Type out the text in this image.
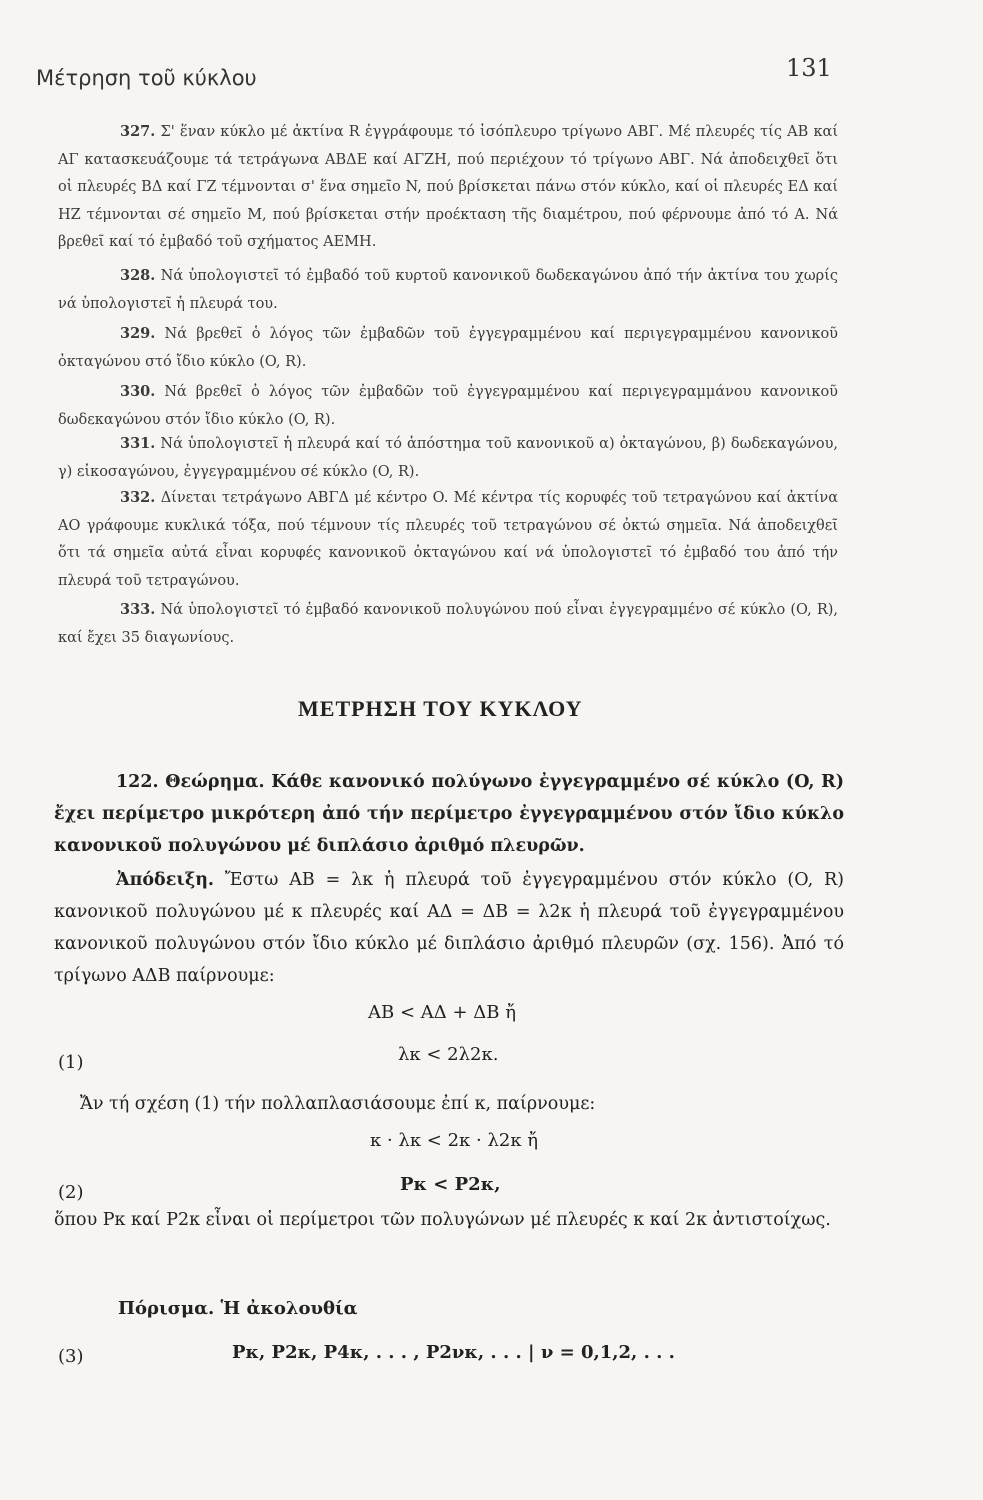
Μέτρηση τοῦ κύκλου	131
327. Σ' ἕναν κύκλο μέ ἀκτίνα R ἐγγράφουμε τό ἰσόπλευρο τρίγωνο ΑΒΓ. Μέ πλευρές τίς ΑΒ καί ΑΓ κατασκευάζουμε τά τετράγωνα ΑΒΔΕ καί ΑΓΖΗ, πού περιέχουν τό τρίγωνο ΑΒΓ. Νά ἀποδειχθεῖ ὅτι οἱ πλευρές ΒΔ καί ΓΖ τέμνονται σ' ἕνα σημεῖο N, πού βρίσκεται πάνω στόν κύκλο, καί οἱ πλευρές ΕΔ καί ΗΖ τέμνονται σέ σημεῖο M, πού βρίσκεται στήν προέκταση τῆς διαμέτρου, πού φέρνουμε ἀπό τό A. Νά βρεθεῖ καί τό ἐμβαδό τοῦ σχήματος ΑΕΜΗ.
328. Νά ὑπολογιστεῖ τό ἐμβαδό τοῦ κυρτοῦ κανονικοῦ δωδεκαγώνου ἀπό τήν ἀκτίνα του χωρίς νά ὑπολογιστεῖ ἡ πλευρά του.
329. Νά βρεθεῖ ὁ λόγος τῶν ἐμβαδῶν τοῦ ἐγγεγραμμένου καί περιγεγραμμένου κανονικοῦ ὀκταγώνου στό ἴδιο κύκλο (O, R).
330. Νά βρεθεῖ ὁ λόγος τῶν ἐμβαδῶν τοῦ ἐγγεγραμμένου καί περιγεγραμμάνου κανονικοῦ δωδεκαγώνου στόν ἴδιο κύκλο (O, R).
331. Νά ὑπολογιστεῖ ἡ πλευρά καί τό ἀπόστημα τοῦ κανονικοῦ α) ὀκταγώνου, β) δωδεκαγώνου, γ) εἰκοσαγώνου, ἐγγεγραμμένου σέ κύκλο (O, R).
332. Δίνεται τετράγωνο ΑΒΓΔ μέ κέντρο O. Μέ κέντρα τίς κορυφές τοῦ τετραγώνου καί ἀκτίνα ΑΟ γράφουμε κυκλικά τόξα, πού τέμνουν τίς πλευρές τοῦ τετραγώνου σέ ὀκτώ σημεῖα. Νά ἀποδειχθεῖ ὅτι τά σημεῖα αὐτά εἶναι κορυφές κανονικοῦ ὀκταγώνου καί νά ὑπολογιστεῖ τό ἐμβαδό του ἀπό τήν πλευρά τοῦ τετραγώνου.
333. Νά ὑπολογιστεῖ τό ἐμβαδό κανονικοῦ πολυγώνου πού εἶναι ἐγγεγραμμένο σέ κύκλο (O, R), καί ἔχει 35 διαγωνίους.
ΜΕΤΡΗΣΗ ΤΟΥ ΚΥΚΛΟΥ
122. Θεώρημα. Κάθε κανονικό πολύγωνο ἐγγεγραμμένο σέ κύκλο (O, R) ἔχει περίμετρο μικρότερη ἀπό τήν περίμετρο ἐγγεγραμμένου στόν ἴδιο κύκλο κανονικοῦ πολυγώνου μέ διπλάσιο ἀριθμό πλευρῶν.
Ἀπόδειξη. Ἔστω AB = λκ ἡ πλευρά τοῦ ἐγγεγραμμένου στόν κύκλο (O, R) κανονικοῦ πολυγώνου μέ κ πλευρές καί ΑΔ = ΔΒ = λ2κ ἡ πλευρά τοῦ ἐγγεγραμμένου κανονικοῦ πολυγώνου στόν ἴδιο κύκλο μέ διπλάσιο ἀριθμό πλευρῶν (σχ. 156). Ἀπό τό τρίγωνο ΑΔΒ παίρνουμε:
AB < ΑΔ + ΔΒ ἤ
λκ < 2λ2κ.
(1)
Ἄν τή σχέση (1) τήν πολλαπλασιάσουμε ἐπί κ, παίρνουμε:
κ · λκ < 2κ · λ2κ ἤ
Pκ < P2κ,
(2)
ὅπου Pκ καί P2κ εἶναι οἱ περίμετροι τῶν πολυγώνων μέ πλευρές κ καί 2κ ἀντιστοίχως.
Πόρισμα. Ἡ ἀκολουθία
Pκ, P2κ, P4κ, . . . , P2νκ, . . . | ν = 0,1,2, . . .
(3)
